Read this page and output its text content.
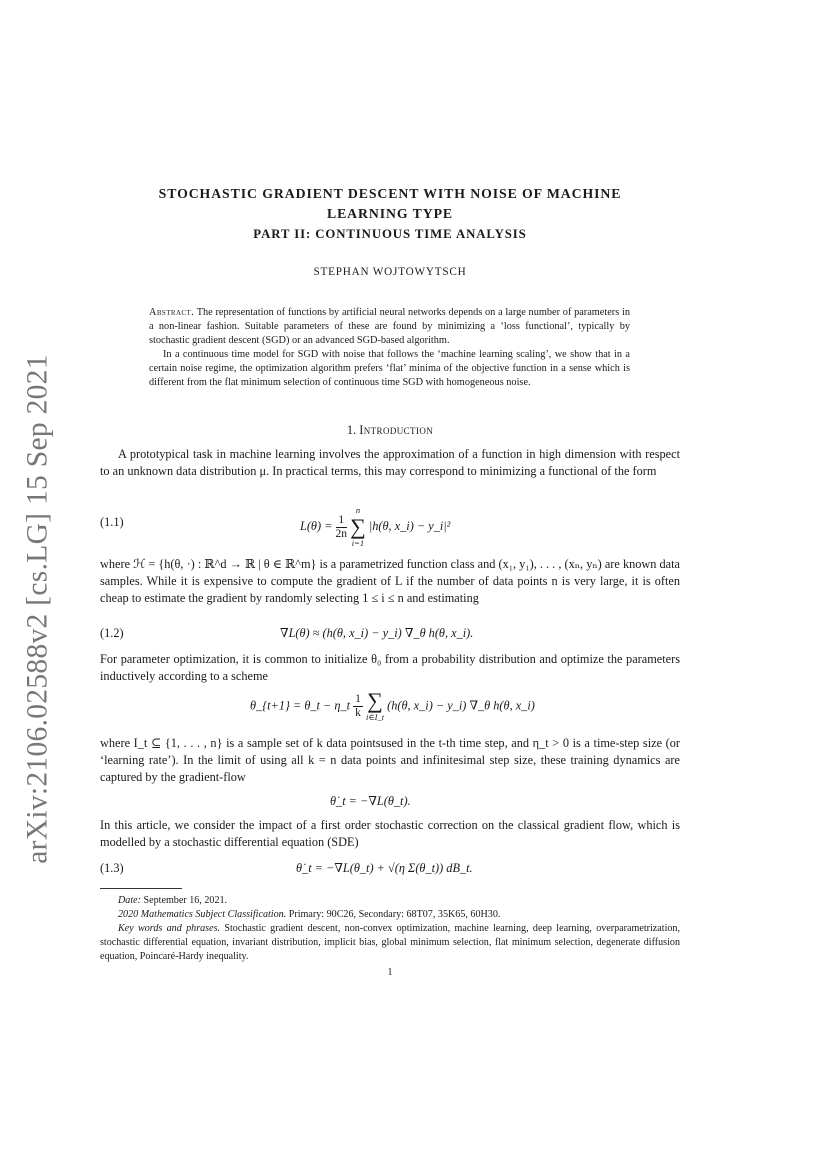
arXiv:2106.02588v2 [cs.LG] 15 Sep 2021
STOCHASTIC GRADIENT DESCENT WITH NOISE OF MACHINE
LEARNING TYPE
PART II: CONTINUOUS TIME ANALYSIS
STEPHAN WOJTOWYTSCH

Abstract. The representation of functions by artificial neural networks depends on a large number of parameters in a non-linear fashion. Suitable parameters of these are found by minimizing a ‘loss functional’, typically by stochastic gradient descent (SGD) or an advanced SGD-based algorithm.

In a continuous time model for SGD with noise that follows the ‘machine learning scaling’, we show that in a certain noise regime, the optimization algorithm prefers ‘flat’ minima of the objective function in a sense which is different from the flat minimum selection of continuous time SGD with homogeneous noise.

1. Introduction

A prototypical task in machine learning involves the approximation of a function in high dimension with respect to an unknown data distribution μ. In practical terms, this may correspond to minimizing a functional of the form

(1.1)	$L(\theta) = \frac{1}{2n}$

n
∑
i=1
|h(θ, x_i) − y_i|²

where ℋ = {h(θ, ·) : ℝ^d → ℝ | θ ∈ ℝ^m} is a parametrized function class and (x₁, y₁), . . . , (xₙ, yₙ) are known data samples. While it is expensive to compute the gradient of L if the number of data points n is very large, it is often cheap to estimate the gradient by randomly selecting 1 ≤ i ≤ n and estimating

(1.2)	∇L(θ) ≈ (h(θ, x_i) − y_i) ∇_θ h(θ, x_i).

For parameter optimization, it is common to initialize θ₀ from a probability distribution and optimize the parameters inductively according to a scheme

θ_{t+1} = θ_t − η_t $\frac{1}{k}$
∑
i∈I_t
(h(θ, x_i) − y_i) ∇_θ h(θ, x_i)

where I_t ⊆ {1, . . . , n} is a sample set of k data pointsused in the t-th time step, and η_t > 0 is a time-step size (or ‘learning rate’). In the limit of using all k = n data points and infinitesimal step size, these training dynamics are captured by the gradient-flow

θ̇_t = −∇L(θ_t).

In this article, we consider the impact of a first order stochastic correction on the classical gradient flow, which is modelled by a stochastic differential equation (SDE)

(1.3)	θ̇_t = −∇L(θ_t) + √(η Σ(θ_t)) dB_t.

Date: September 16, 2021.

2020 Mathematics Subject Classification. Primary: 90C26, Secondary: 68T07, 35K65, 60H30.

Key words and phrases. Stochastic gradient descent, non-convex optimization, machine learning, deep learning, overparametrization, stochastic differential equation, invariant distribution, implicit bias, global minimum selection, flat minimum selection, degenerate diffusion equation, Poincaré-Hardy inequality.

1
